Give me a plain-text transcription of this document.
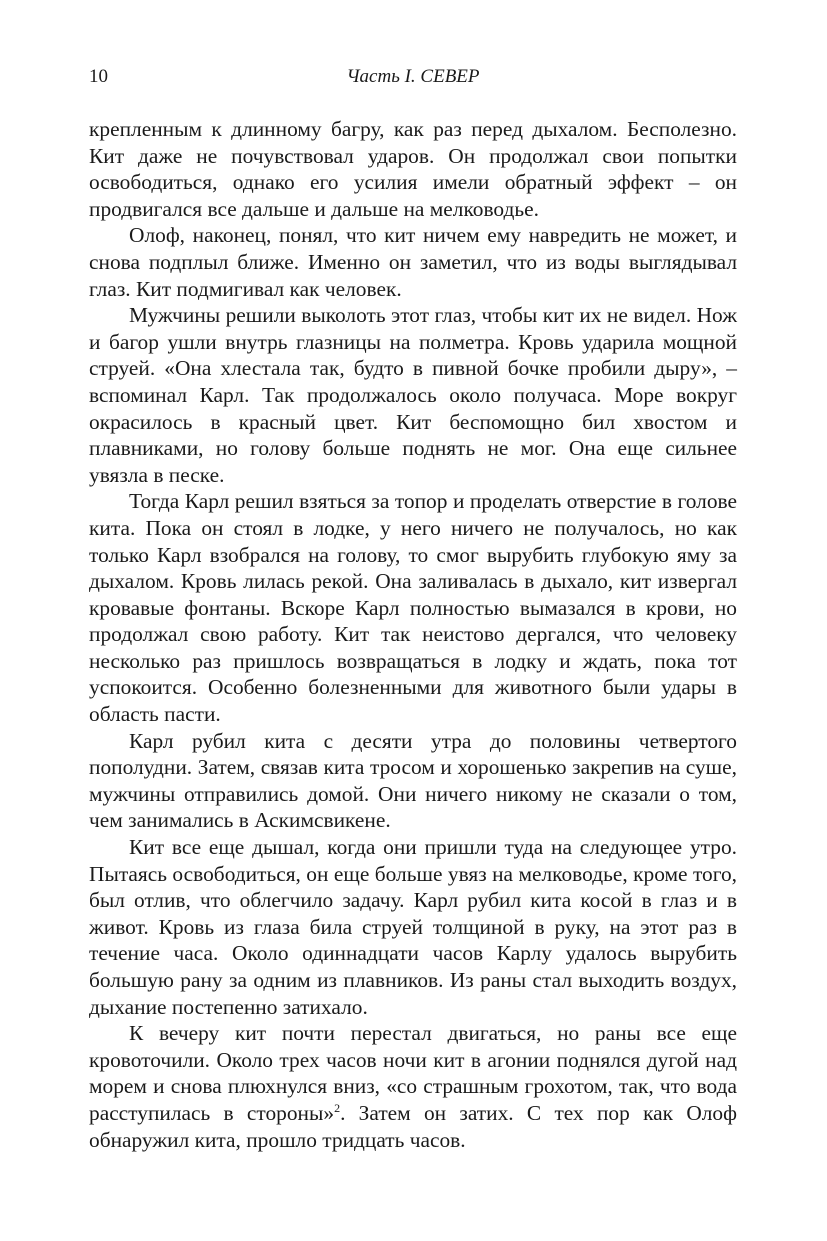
10	Часть I. СЕВЕР

крепленным к длинному багру, как раз перед дыхалом. Бесполезно. Кит даже не почувствовал ударов. Он продолжал свои попытки освободиться, однако его усилия имели обратный эффект – он продвигался все дальше и дальше на мелководье.

Олоф, наконец, понял, что кит ничем ему навредить не может, и снова подплыл ближе. Именно он заметил, что из воды выглядывал глаз. Кит подмигивал как человек.

Мужчины решили выколоть этот глаз, чтобы кит их не видел. Нож и багор ушли внутрь глазницы на полметра. Кровь ударила мощной струей. «Она хлестала так, будто в пивной бочке пробили дыру», – вспоминал Карл. Так продолжалось около получаса. Море вокруг окрасилось в красный цвет. Кит беспомощно бил хвостом и плавниками, но голову больше поднять не мог. Она еще сильнее увязла в песке.

Тогда Карл решил взяться за топор и проделать отверстие в голове кита. Пока он стоял в лодке, у него ничего не получалось, но как только Карл взобрался на голову, то смог вырубить глубокую яму за дыхалом. Кровь лилась рекой. Она заливалась в дыхало, кит извергал кровавые фонтаны. Вскоре Карл полностью вымазался в крови, но продолжал свою работу. Кит так неистово дергался, что человеку несколько раз пришлось возвращаться в лодку и ждать, пока тот успокоится. Особенно болезненными для животного были удары в область пасти.

Карл рубил кита с десяти утра до половины четвертого пополудни. Затем, связав кита тросом и хорошенько закрепив на суше, мужчины отправились домой. Они ничего никому не сказали о том, чем занимались в Аскимсвикене.

Кит все еще дышал, когда они пришли туда на следующее утро. Пытаясь освободиться, он еще больше увяз на мелководье, кроме того, был отлив, что облегчило задачу. Карл рубил кита косой в глаз и в живот. Кровь из глаза била струей толщиной в руку, на этот раз в течение часа. Около одиннадцати часов Карлу удалось вырубить большую рану за одним из плавников. Из раны стал выходить воздух, дыхание постепенно затихало.

К вечеру кит почти перестал двигаться, но раны все еще кровоточили. Около трех часов ночи кит в агонии поднялся дугой над морем и снова плюхнулся вниз, «со страшным грохотом, так, что вода расступилась в стороны»$^2$. Затем он затих. С тех пор как Олоф обнаружил кита, прошло тридцать часов.
